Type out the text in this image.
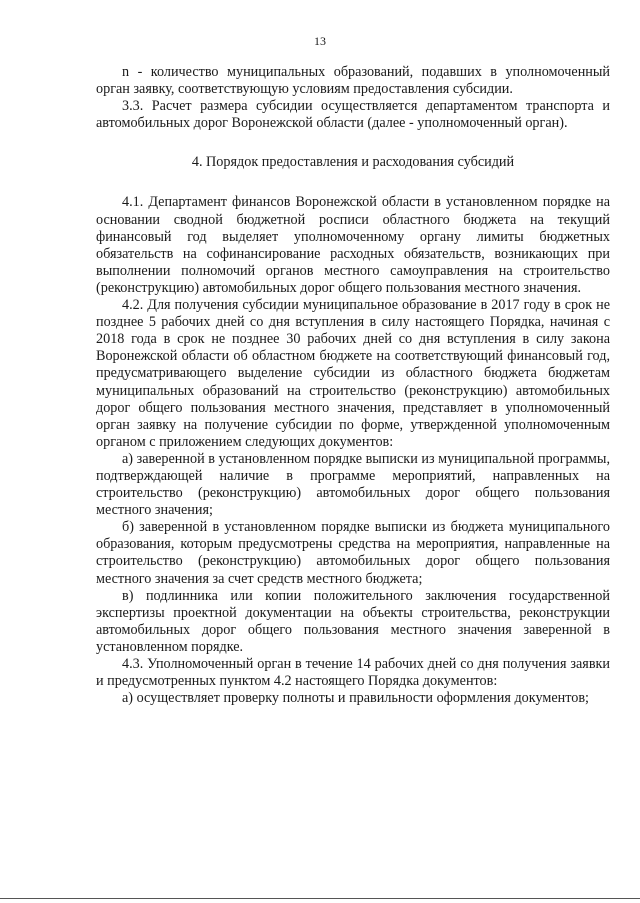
13

n - количество муниципальных образований, подавших в уполномоченный орган заявку, соответствующую условиям предоставления субсидии.

3.3. Расчет размера субсидии осуществляется департаментом транспорта и автомобильных дорог Воронежской области (далее - уполномоченный орган).

4. Порядок предоставления и расходования субсидий

4.1. Департамент финансов Воронежской области в установленном порядке на основании сводной бюджетной росписи областного бюджета на текущий финансовый год выделяет уполномоченному органу лимиты бюджетных обязательств на софинансирование расходных обязательств, возникающих при выполнении полномочий органов местного самоуправления на строительство (реконструкцию) автомобильных дорог общего пользования местного значения.

4.2. Для получения субсидии муниципальное образование в 2017 году в срок не позднее 5 рабочих дней со дня вступления в силу настоящего Порядка, начиная с 2018 года в срок не позднее 30 рабочих дней со дня вступления в силу закона Воронежской области об областном бюджете на соответствующий финансовый год, предусматривающего выделение субсидии из областного бюджета бюджетам муниципальных образований на строительство (реконструкцию) автомобильных дорог общего пользования местного значения, представляет в уполномоченный орган заявку на получение субсидии по форме, утвержденной уполномоченным органом с приложением следующих документов:

а) заверенной в установленном порядке выписки из муниципальной программы, подтверждающей наличие в программе мероприятий, направленных на строительство (реконструкцию) автомобильных дорог общего пользования местного значения;

б) заверенной в установленном порядке выписки из бюджета муниципального образования, которым предусмотрены средства на мероприятия, направленные на строительство (реконструкцию) автомобильных дорог общего пользования местного значения за счет средств местного бюджета;

в) подлинника или копии положительного заключения государственной экспертизы проектной документации на объекты строительства, реконструкции автомобильных дорог общего пользования местного значения заверенной в установленном порядке.

4.3. Уполномоченный орган в течение 14 рабочих дней со дня получения заявки и предусмотренных пунктом 4.2 настоящего Порядка документов:

а) осуществляет проверку полноты и правильности оформления документов;
